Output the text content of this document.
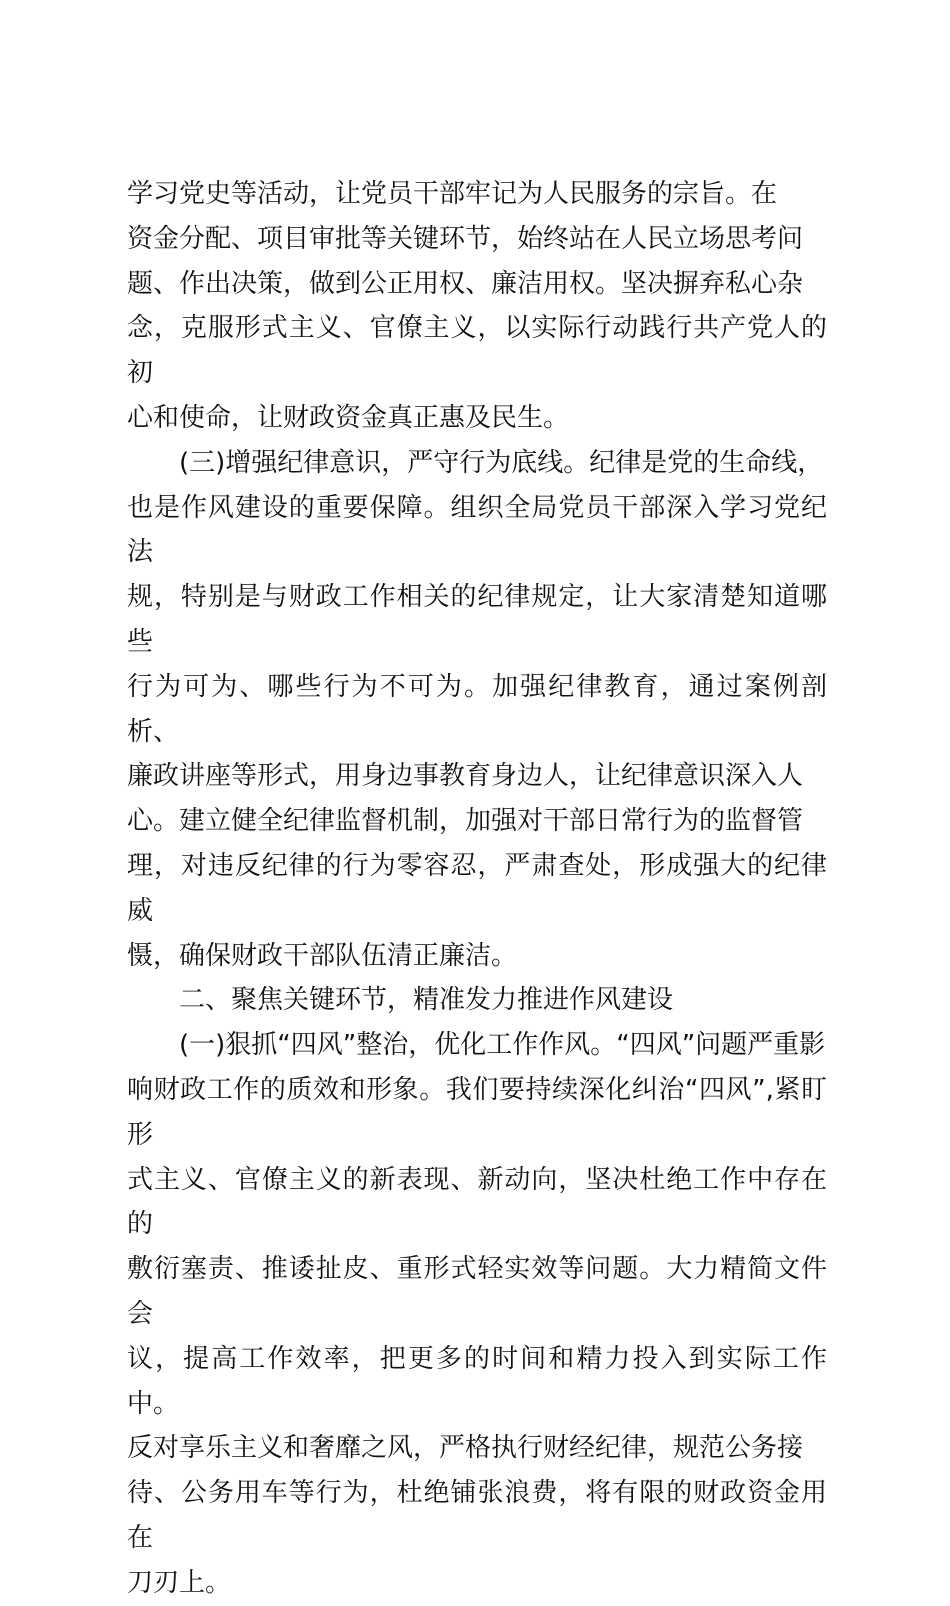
学习党史等活动，让党员干部牢记为人民服务的宗旨。在
资金分配、项目审批等关键环节，始终站在人民立场思考问
题、作出决策，做到公正用权、廉洁用权。坚决摒弃私心杂
念，克服形式主义、官僚主义，以实际行动践行共产党人的初
心和使命，让财政资金真正惠及民生。

(三)增强纪律意识，严守行为底线。纪律是党的生命线，
也是作风建设的重要保障。组织全局党员干部深入学习党纪法
规，特别是与财政工作相关的纪律规定，让大家清楚知道哪些
行为可为、哪些行为不可为。加强纪律教育，通过案例剖析、
廉政讲座等形式，用身边事教育身边人，让纪律意识深入人
心。建立健全纪律监督机制，加强对干部日常行为的监督管
理，对违反纪律的行为零容忍，严肃查处，形成强大的纪律威
慑，确保财政干部队伍清正廉洁。

二、聚焦关键环节，精准发力推进作风建设

(一)狠抓“四风”整治，优化工作作风。“四风”问题严重影
响财政工作的质效和形象。我们要持续深化纠治“四风”,紧盯形
式主义、官僚主义的新表现、新动向，坚决杜绝工作中存在的
敷衍塞责、推诿扯皮、重形式轻实效等问题。大力精简文件会
议，提高工作效率，把更多的时间和精力投入到实际工作中。
反对享乐主义和奢靡之风，严格执行财经纪律，规范公务接
待、公务用车等行为，杜绝铺张浪费，将有限的财政资金用在
刀刃上。
